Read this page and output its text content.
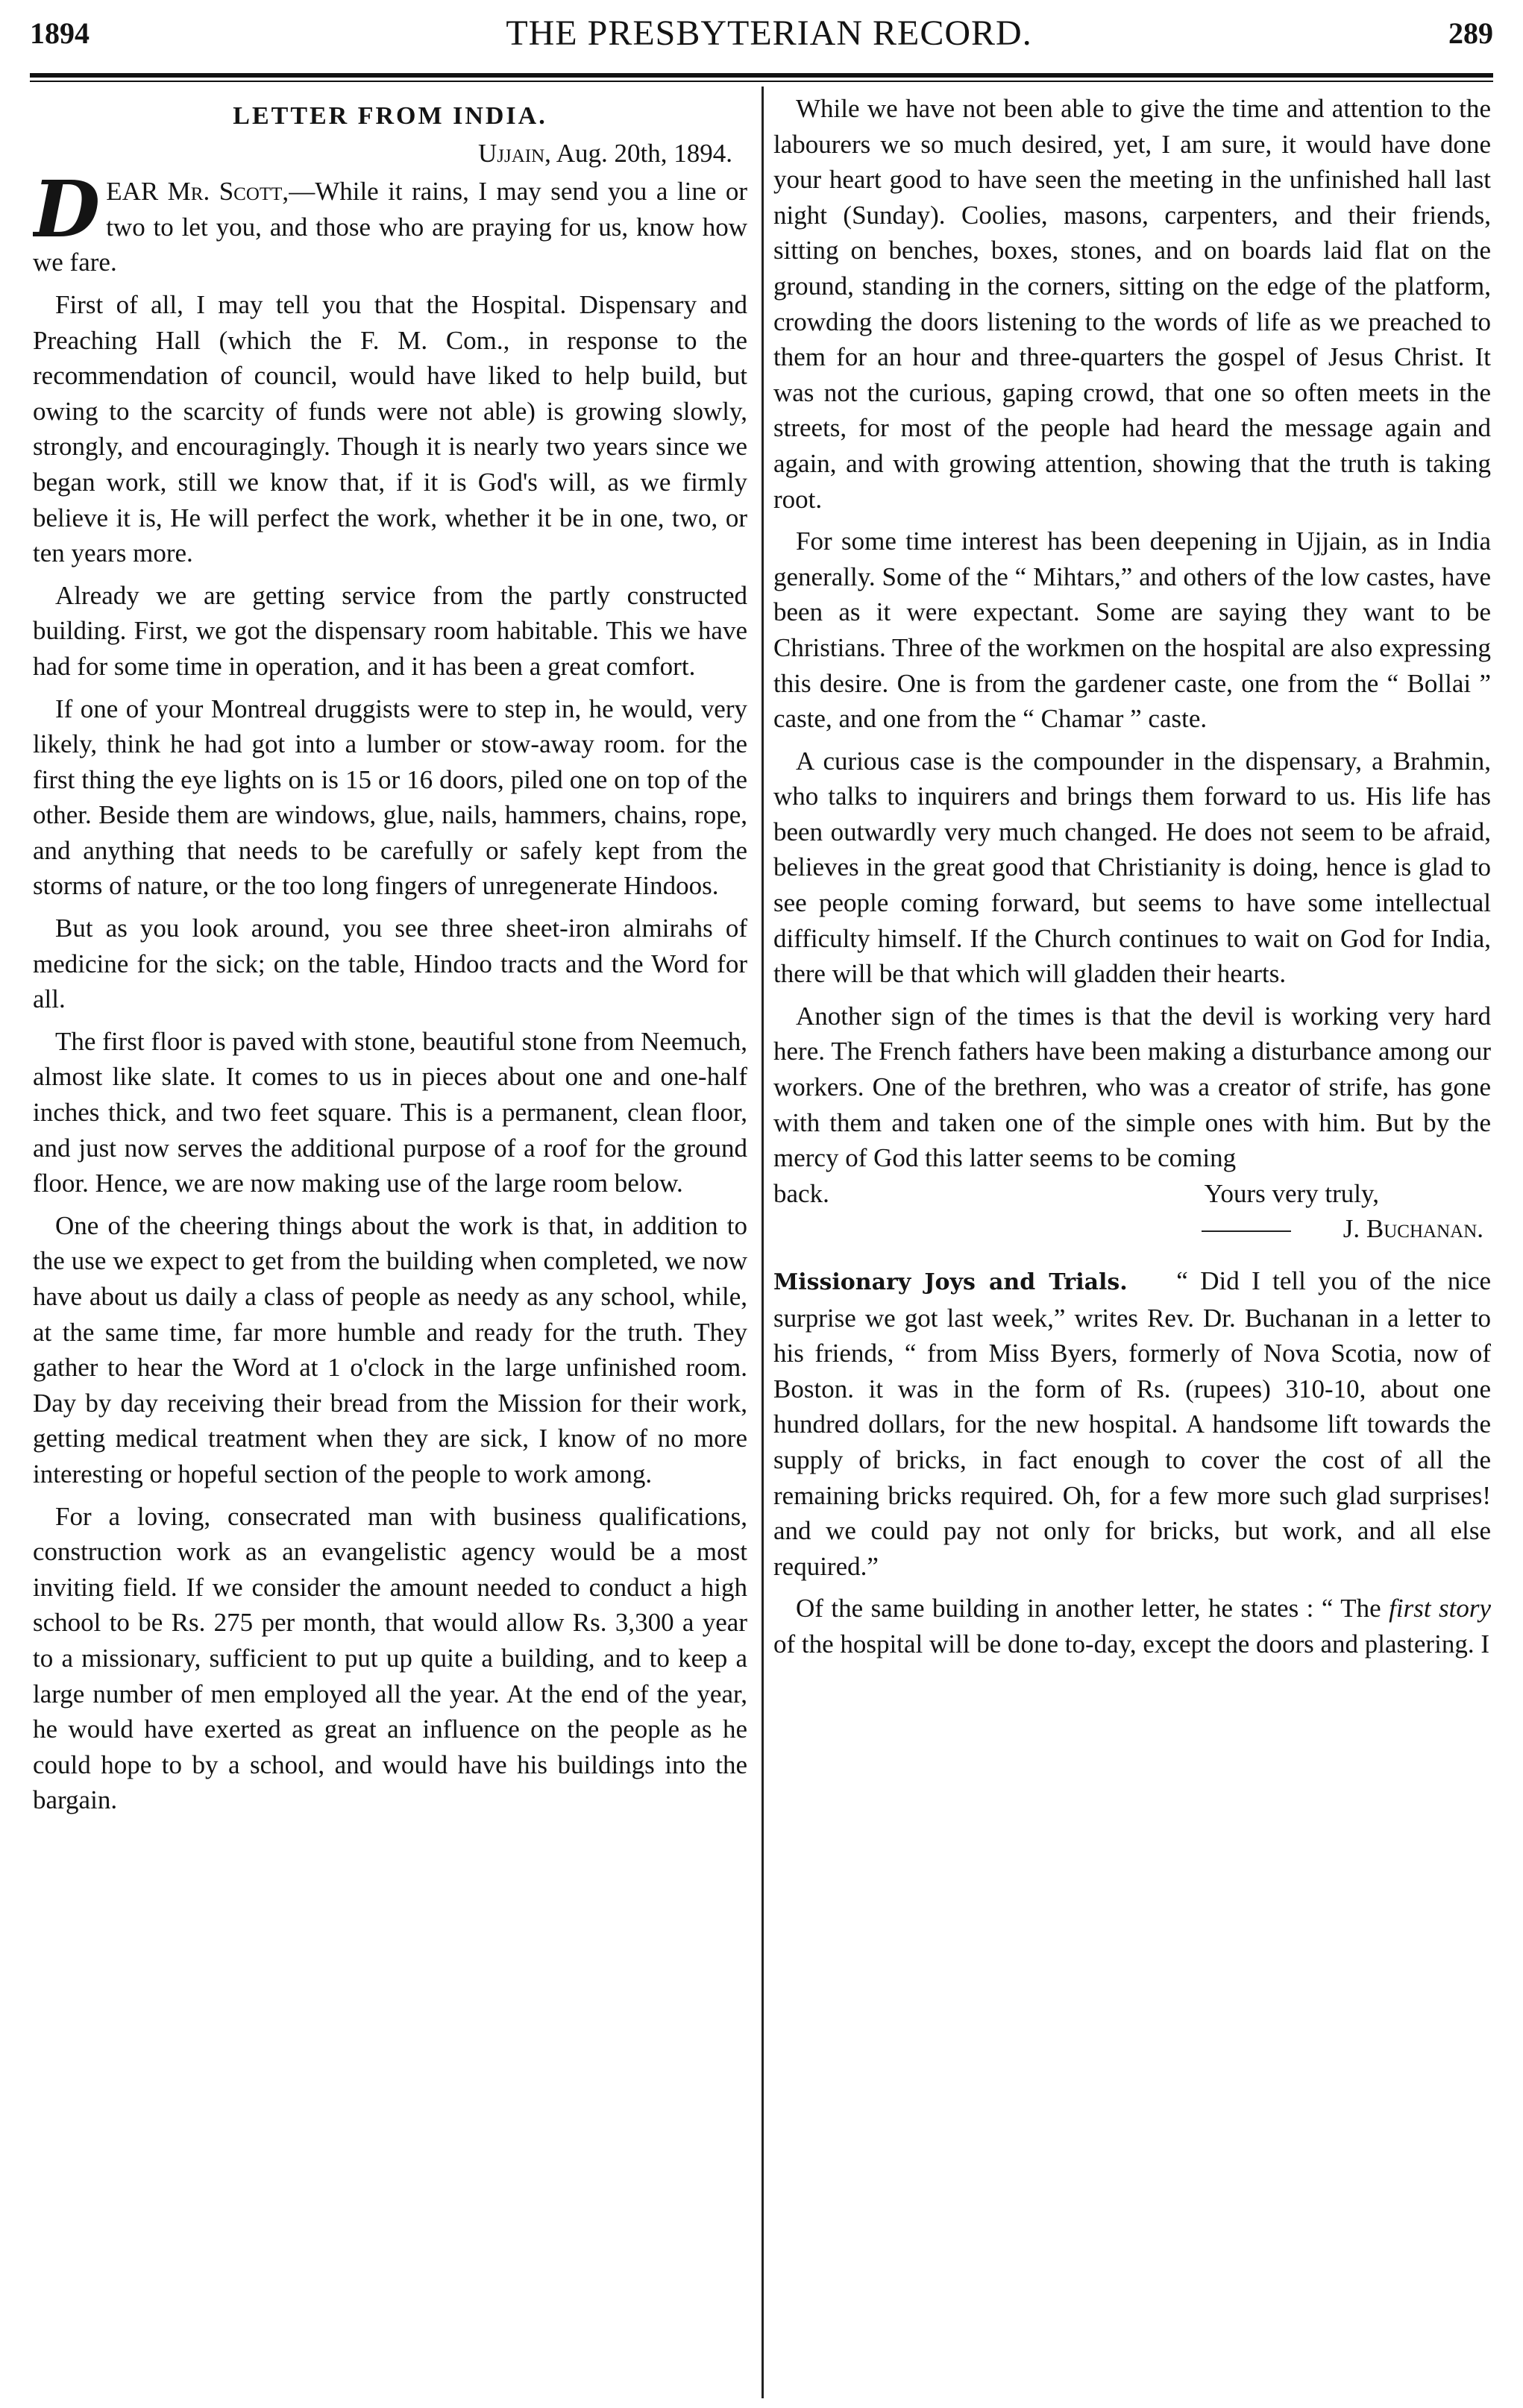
1894	THE PRESBYTERIAN RECORD.	289
LETTER FROM INDIA.
Ujjain, Aug. 20th, 1894.

DEAR Mr. Scott,—While it rains, I may send you a line or two to let you, and those who are praying for us, know how we fare.

First of all, I may tell you that the Hospital. Dispensary and Preaching Hall (which the F. M. Com., in response to the recommendation of council, would have liked to help build, but owing to the scarcity of funds were not able) is growing slowly, strongly, and encouragingly. Though it is nearly two years since we began work, still we know that, if it is God's will, as we firmly believe it is, He will perfect the work, whether it be in one, two, or ten years more.

Already we are getting service from the partly constructed building. First, we got the dispensary room habitable. This we have had for some time in operation, and it has been a great comfort.

If one of your Montreal druggists were to step in, he would, very likely, think he had got into a lumber or stow-away room. for the first thing the eye lights on is 15 or 16 doors, piled one on top of the other. Beside them are windows, glue, nails, hammers, chains, rope, and anything that needs to be carefully or safely kept from the storms of nature, or the too long fingers of unregenerate Hindoos.

But as you look around, you see three sheet-iron almirahs of medicine for the sick; on the table, Hindoo tracts and the Word for all.

The first floor is paved with stone, beautiful stone from Neemuch, almost like slate. It comes to us in pieces about one and one-half inches thick, and two feet square. This is a permanent, clean floor, and just now serves the additional purpose of a roof for the ground floor. Hence, we are now making use of the large room below.

One of the cheering things about the work is that, in addition to the use we expect to get from the building when completed, we now have about us daily a class of people as needy as any school, while, at the same time, far more humble and ready for the truth. They gather to hear the Word at 1 o'clock in the large unfinished room. Day by day receiving their bread from the Mission for their work, getting medical treatment when they are sick, I know of no more interesting or hopeful section of the people to work among.

For a loving, consecrated man with business qualifications, construction work as an evangelistic agency would be a most inviting field. If we consider the amount needed to conduct a high school to be Rs. 275 per month, that would allow Rs. 3,300 a year to a missionary, sufficient to put up quite a building, and to keep a large number of men employed all the year. At the end of the year, he would have exerted as great an influence on the people as he could hope to by a school, and would have his buildings into the bargain.

While we have not been able to give the time and attention to the labourers we so much desired, yet, I am sure, it would have done your heart good to have seen the meeting in the unfinished hall last night (Sunday). Coolies, masons, carpenters, and their friends, sitting on benches, boxes, stones, and on boards laid flat on the ground, standing in the corners, sitting on the edge of the platform, crowding the doors listening to the words of life as we preached to them for an hour and three-quarters the gospel of Jesus Christ. It was not the curious, gaping crowd, that one so often meets in the streets, for most of the people had heard the message again and again, and with growing attention, showing that the truth is taking root.

For some time interest has been deepening in Ujjain, as in India generally. Some of the “ Mihtars,” and others of the low castes, have been as it were expectant. Some are saying they want to be Christians. Three of the workmen on the hospital are also expressing this desire. One is from the gardener caste, one from the “ Bollai ” caste, and one from the “ Chamar ” caste.

A curious case is the compounder in the dispensary, a Brahmin, who talks to inquirers and brings them forward to us. His life has been outwardly very much changed. He does not seem to be afraid, believes in the great good that Christianity is doing, hence is glad to see people coming forward, but seems to have some intellectual difficulty himself. If the Church continues to wait on God for India, there will be that which will gladden their hearts.

Another sign of the times is that the devil is working very hard here. The French fathers have been making a disturbance among our workers. One of the brethren, who was a creator of strife, has gone with them and taken one of the simple ones with him. But by the mercy of God this latter seems to be coming

back.	Yours very truly,
J. Buchanan.

Missionary Joys and Trials. “ Did I tell you of the nice surprise we got last week,” writes Rev. Dr. Buchanan in a letter to his friends, “ from Miss Byers, formerly of Nova Scotia, now of Boston. it was in the form of Rs. (rupees) 310-10, about one hundred dollars, for the new hospital. A handsome lift towards the supply of bricks, in fact enough to cover the cost of all the remaining bricks required. Oh, for a few more such glad surprises! and we could pay not only for bricks, but work, and all else required.”

Of the same building in another letter, he states : “ The first story of the hospital will be done to-day, except the doors and plastering. I
